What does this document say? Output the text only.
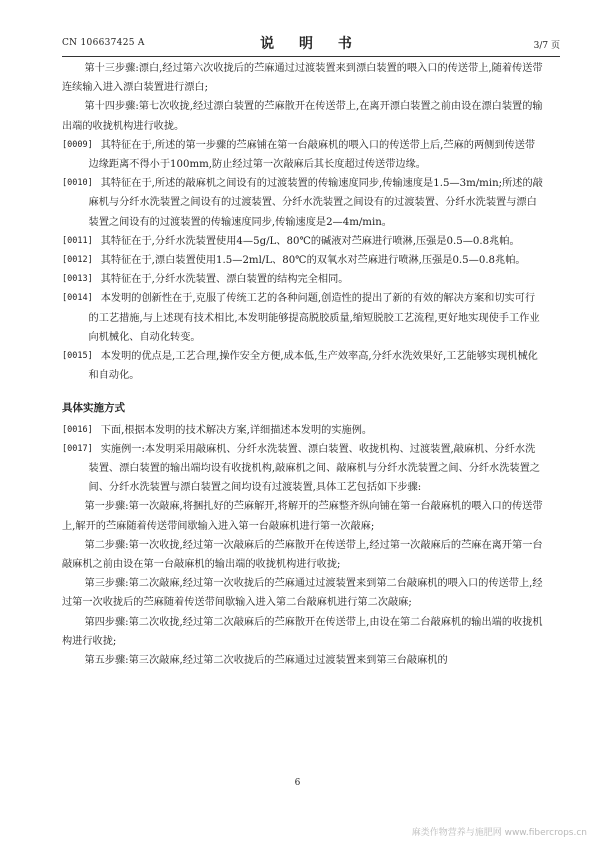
CN 106637425 A	说 明 书	3/7 页

第十三步骤:漂白,经过第六次收拢后的苎麻通过过渡装置来到漂白装置的喂入口的传送带上,随着传送带连续输入进入漂白装置进行漂白;

第十四步骤:第七次收拢,经过漂白装置的苎麻散开在传送带上,在离开漂白装置之前由设在漂白装置的输出端的收拢机构进行收拢。

[0009] 其特征在于,所述的第一步骤的苎麻铺在第一台敲麻机的喂入口的传送带上后,苎麻的两侧到传送带边缘距离不得小于100mm,防止经过第一次敲麻后其长度超过传送带边缘。

[0010] 其特征在于,所述的敲麻机之间设有的过渡装置的传输速度同步,传输速度是1.5—3m/min;所述的敲麻机与分纤水洗装置之间设有的过渡装置、分纤水洗装置之间设有的过渡装置、分纤水洗装置与漂白装置之间设有的过渡装置的传输速度同步,传输速度是2—4m/min。

[0011] 其特征在于,分纤水洗装置使用4—5g/L、80℃的碱液对苎麻进行喷淋,压强是0.5—0.8兆帕。

[0012] 其特征在于,漂白装置使用1.5—2ml/L、80℃的双氧水对苎麻进行喷淋,压强是0.5—0.8兆帕。

[0013] 其特征在于,分纤水洗装置、漂白装置的结构完全相同。

[0014] 本发明的创新性在于,克服了传统工艺的各种问题,创造性的提出了新的有效的解决方案和切实可行的工艺措施,与上述现有技术相比,本发明能够提高脱胶质量,缩短脱胶工艺流程,更好地实现使手工作业向机械化、自动化转变。

[0015] 本发明的优点是,工艺合理,操作安全方便,成本低,生产效率高,分纤水洗效果好,工艺能够实现机械化和自动化。

具体实施方式

[0016] 下面,根据本发明的技术解决方案,详细描述本发明的实施例。

[0017] 实施例一:本发明采用敲麻机、分纤水洗装置、漂白装置、收拢机构、过渡装置,敲麻机、分纤水洗装置、漂白装置的输出端均设有收拢机构,敲麻机之间、敲麻机与分纤水洗装置之间、分纤水洗装置之间、分纤水洗装置与漂白装置之间均设有过渡装置,具体工艺包括如下步骤:

第一步骤:第一次敲麻,将捆扎好的苎麻解开,将解开的苎麻整齐纵向铺在第一台敲麻机的喂入口的传送带上,解开的苎麻随着传送带间歇输入进入第一台敲麻机进行第一次敲麻;

第二步骤:第一次收拢,经过第一次敲麻后的苎麻散开在传送带上,经过第一次敲麻后的苎麻在离开第一台敲麻机之前由设在第一台敲麻机的输出端的收拢机构进行收拢;

第三步骤:第二次敲麻,经过第一次收拢后的苎麻通过过渡装置来到第二台敲麻机的喂入口的传送带上,经过第一次收拢后的苎麻随着传送带间歇输入进入第二台敲麻机进行第二次敲麻;

第四步骤:第二次收拢,经过第二次敲麻后的苎麻散开在传送带上,由设在第二台敲麻机的输出端的收拢机构进行收拢;

第五步骤:第三次敲麻,经过第二次收拢后的苎麻通过过渡装置来到第三台敲麻机的

6
麻类作物营养与施肥网 www.fibercrops.cn
